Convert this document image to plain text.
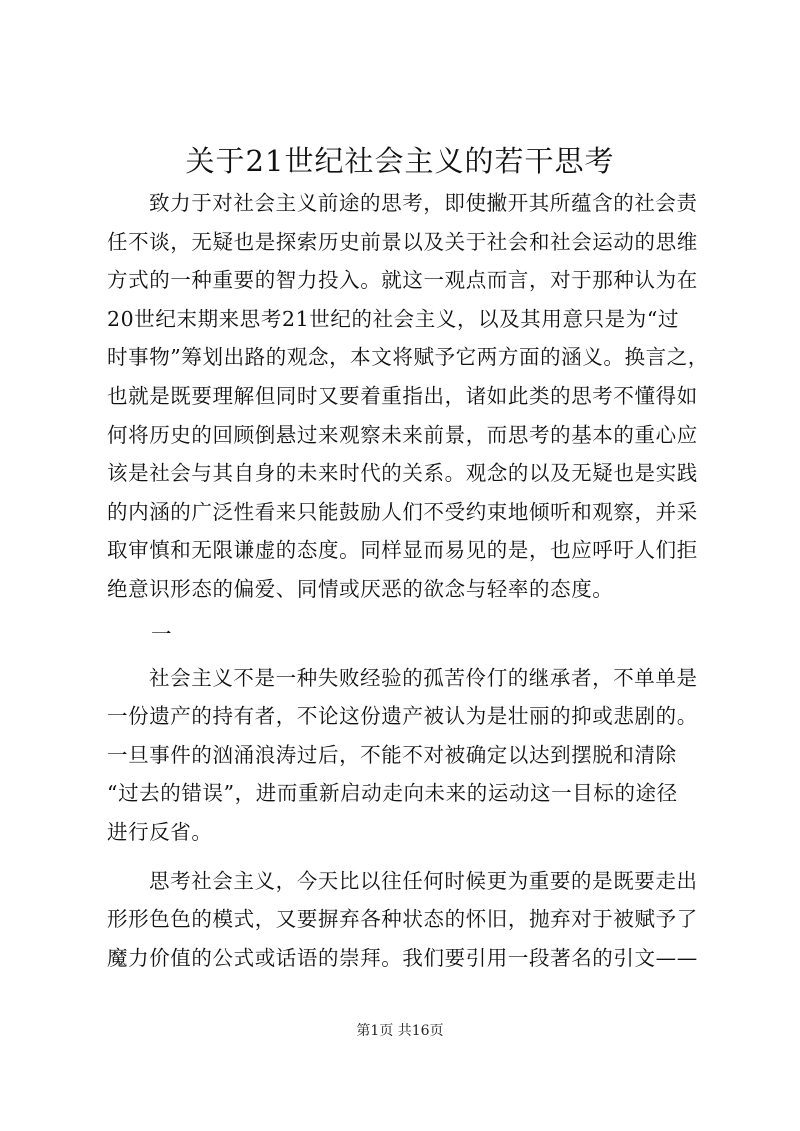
关于21世纪社会主义的若干思考
致力于对社会主义前途的思考，即使撇开其所蕴含的社会责
任不谈，无疑也是探索历史前景以及关于社会和社会运动的思维
方式的一种重要的智力投入。就这一观点而言，对于那种认为在
20世纪末期来思考21世纪的社会主义，以及其用意只是为“过
时事物”筹划出路的观念，本文将赋予它两方面的涵义。换言之，
也就是既要理解但同时又要着重指出，诸如此类的思考不懂得如
何将历史的回顾倒悬过来观察未来前景，而思考的基本的重心应
该是社会与其自身的未来时代的关系。观念的以及无疑也是实践
的内涵的广泛性看来只能鼓励人们不受约束地倾听和观察，并采
取审慎和无限谦虚的态度。同样显而易见的是，也应呼吁人们拒
绝意识形态的偏爱、同情或厌恶的欲念与轻率的态度。
一
社会主义不是一种失败经验的孤苦伶仃的继承者，不单单是
一份遗产的持有者，不论这份遗产被认为是壮丽的抑或悲剧的。
一旦事件的汹涌浪涛过后，不能不对被确定以达到摆脱和清除
“过去的错误”，进而重新启动走向未来的运动这一目标的途径
进行反省。
思考社会主义，今天比以往任何时候更为重要的是既要走出
形形色色的模式，又要摒弃各种状态的怀旧，抛弃对于被赋予了
魔力价值的公式或话语的崇拜。我们要引用一段著名的引文——
第1页 共16页
